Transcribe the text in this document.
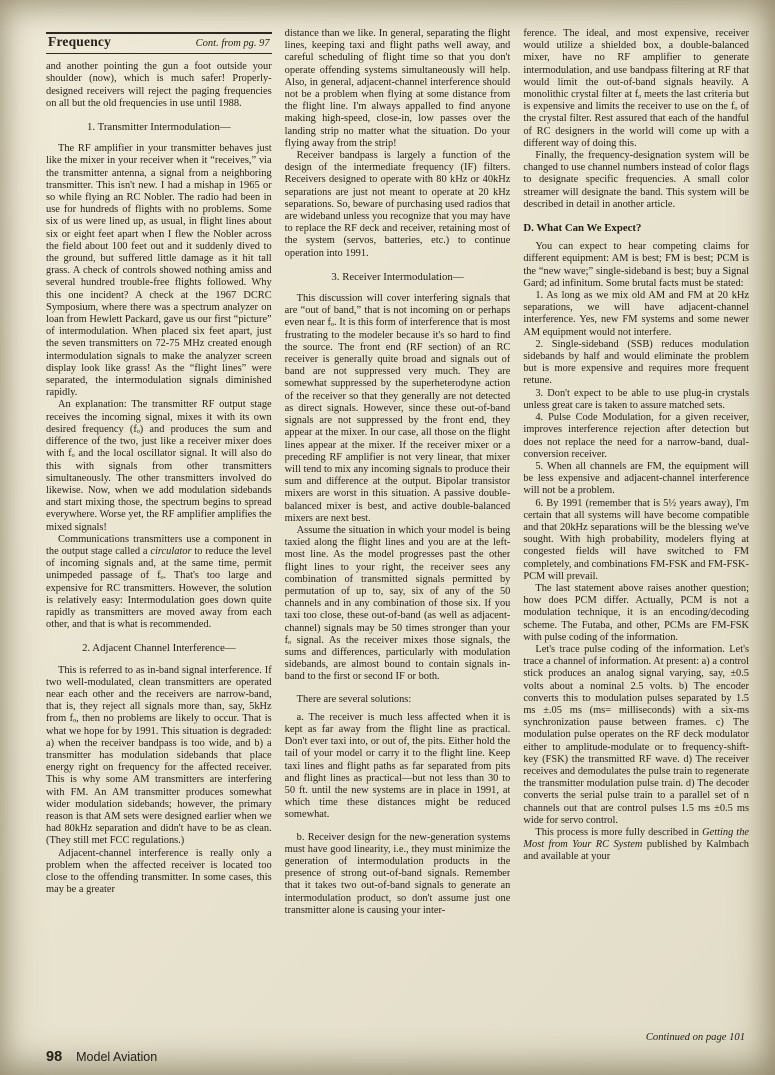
Frequency	Cont. from pg. 97

and another pointing the gun a foot outside your shoulder (now), which is much safer! Properly-designed receivers will reject the paging frequencies on all but the old frequencies in use until 1988.

1. Transmitter Intermodulation—

The RF amplifier in your transmitter behaves just like the mixer in your receiver when it “receives,” via the transmitter antenna, a signal from a neighboring transmitter. This isn't new. I had a mishap in 1965 or so while flying an RC Nobler. The radio had been in use for hundreds of flights with no problems. Some six of us were lined up, as usual, in flight lines about six or eight feet apart when I flew the Nobler across the field about 100 feet out and it suddenly dived to the ground, but suffered little damage as it hit tall grass. A check of controls showed nothing amiss and several hundred trouble-free flights followed. Why this one incident? A check at the 1967 DCRC Symposium, where there was a spectrum analyzer on loan from Hewlett Packard, gave us our first “picture” of intermodulation. When placed six feet apart, just the seven transmitters on 72-75 MHz created enough intermodulation signals to make the analyzer screen display look like grass! As the “flight lines” were separated, the intermodulation signals diminished rapidly.

An explanation: The transmitter RF output stage receives the incoming signal, mixes it with its own desired frequency (fₒ) and produces the sum and difference of the two, just like a receiver mixer does with fₒ and the local oscillator signal. It will also do this with signals from other transmitters simultaneously. The other transmitters involved do likewise. Now, when we add modulation sidebands and start mixing those, the spectrum begins to spread everywhere. Worse yet, the RF amplifier amplifies the mixed signals!

Communications transmitters use a component in the output stage called a circulator to reduce the level of incoming signals and, at the same time, permit unimpeded passage of fₒ. That's too large and expensive for RC transmitters. However, the solution is relatively easy: Intermodulation goes down quite rapidly as transmitters are moved away from each other, and that is what is recommended.

2. Adjacent Channel Interference—

This is referred to as in-band signal interference. If two well-modulated, clean transmitters are operated near each other and the receivers are narrow-band, that is, they reject all signals more than, say, 5kHz from fₒ, then no problems are likely to occur. That is what we hope for by 1991. This situation is degraded: a) when the receiver bandpass is too wide, and b) a transmitter has modulation sidebands that place energy right on frequency for the affected receiver. This is why some AM transmitters are interfering with FM. An AM transmitter produces somewhat wider modulation sidebands; however, the primary reason is that AM sets were designed earlier when we had 80kHz separation and didn't have to be as clean. (They still met FCC regulations.)

Adjacent-channel interference is really only a problem when the affected receiver is located too close to the offending transmitter. In some cases, this may be a greater

distance than we like. In general, separating the flight lines, keeping taxi and flight paths well away, and careful scheduling of flight time so that you don't operate offending systems simultaneously will help. Also, in general, adjacent-channel interference should not be a problem when flying at some distance from the flight line. I'm always appalled to find anyone making high-speed, close-in, low passes over the landing strip no matter what the situation. Do your flying away from the strip!

Receiver bandpass is largely a function of the design of the intermediate frequency (IF) filters. Receivers designed to operate with 80 kHz or 40kHz separations are just not meant to operate at 20 kHz separations. So, beware of purchasing used radios that are wideband unless you recognize that you may have to replace the RF deck and receiver, retaining most of the system (servos, batteries, etc.) to continue operation into 1991.

3. Receiver Intermodulation—

This discussion will cover interfering signals that are “out of band,” that is not incoming on or perhaps even near fₒ. It is this form of interference that is most frustrating to the modeler because it's so hard to find the source. The front end (RF section) of an RC receiver is generally quite broad and signals out of band are not suppressed very much. They are somewhat suppressed by the superheterodyne action of the receiver so that they generally are not detected as direct signals. However, since these out-of-band signals are not suppressed by the front end, they appear at the mixer. In our case, all those on the flight lines appear at the mixer. If the receiver mixer or a preceding RF amplifier is not very linear, that mixer will tend to mix any incoming signals to produce their sum and difference at the output. Bipolar transistor mixers are worst in this situation. A passive double-balanced mixer is best, and active double-balanced mixers are next best.

Assume the situation in which your model is being taxied along the flight lines and you are at the left-most line. As the model progresses past the other flight lines to your right, the receiver sees any combination of transmitted signals permitted by permutation of up to, say, six of any of the 50 channels and in any combination of those six. If you taxi too close, these out-of-band (as well as adjacent-channel) signals may be 50 times stronger than your fₒ signal. As the receiver mixes those signals, the sums and differences, particularly with modulation sidebands, are almost bound to contain signals in-band to the first or second IF or both.

There are several solutions:

a. The receiver is much less affected when it is kept as far away from the flight line as practical. Don't ever taxi into, or out of, the pits. Either hold the tail of your model or carry it to the flight line. Keep taxi lines and flight paths as far separated from pits and flight lines as practical—but not less than 30 to 50 ft. until the new systems are in place in 1991, at which time these distances might be reduced somewhat.

b. Receiver design for the new-generation systems must have good linearity, i.e., they must minimize the generation of intermodulation products in the presence of strong out-of-band signals. Remember that it takes two out-of-band signals to generate an intermodulation product, so don't assume just one transmitter alone is causing your inter-

ference. The ideal, and most expensive, receiver would utilize a shielded box, a double-balanced mixer, have no RF amplifier to generate intermodulation, and use bandpass filtering at RF that would limit the out-of-band signals heavily. A monolithic crystal filter at fₒ meets the last criteria but is expensive and limits the receiver to use on the fₒ of the crystal filter. Rest assured that each of the handful of RC designers in the world will come up with a different way of doing this.

Finally, the frequency-designation system will be changed to use channel numbers instead of color flags to designate specific frequencies. A small color streamer will designate the band. This system will be described in detail in another article.

D. What Can We Expect?

You can expect to hear competing claims for different equipment: AM is best; FM is best; PCM is the “new wave;” single-sideband is best; buy a Signal Gard; ad infinitum. Some brutal facts must be stated:

1. As long as we mix old AM and FM at 20 kHz separations, we will have adjacent-channel interference. Yes, new FM systems and some newer AM equipment would not interfere.

2. Single-sideband (SSB) reduces modulation sidebands by half and would eliminate the problem but is more expensive and requires more frequent retune.

3. Don't expect to be able to use plug-in crystals unless great care is taken to assure matched sets.

4. Pulse Code Modulation, for a given receiver, improves interference rejection after detection but does not replace the need for a narrow-band, dual-conversion receiver.

5. When all channels are FM, the equipment will be less expensive and adjacent-channel interference will not be a problem.

6. By 1991 (remember that is 5½ years away), I'm certain that all systems will have become compatible and that 20kHz separations will be the blessing we've sought. With high probability, modelers flying at congested fields will have switched to FM completely, and combinations FM-FSK and FM-FSK-PCM will prevail.

The last statement above raises another question; how does PCM differ. Actually, PCM is not a modulation technique, it is an encoding/decoding scheme. The Futaba, and other, PCMs are FM-FSK with pulse coding of the information.

Let's trace pulse coding of the information. Let's trace a channel of information. At present: a) a control stick produces an analog signal varying, say, ±0.5 volts about a nominal 2.5 volts. b) The encoder converts this to modulation pulses separated by 1.5 ms ±.05 ms (ms= milliseconds) with a six-ms synchronization pause between frames. c) The modulation pulse operates on the RF deck modulator either to amplitude-modulate or to frequency-shift-key (FSK) the transmitted RF wave. d) The receiver receives and demodulates the pulse train to regenerate the transmitter modulation pulse train. d) The decoder converts the serial pulse train to a parallel set of n channels out that are control pulses 1.5 ms ±0.5 ms wide for servo control.

This process is more fully described in Getting the Most from Your RC System published by Kalmbach and available at your

Continued on page 101
98 Model Aviation
